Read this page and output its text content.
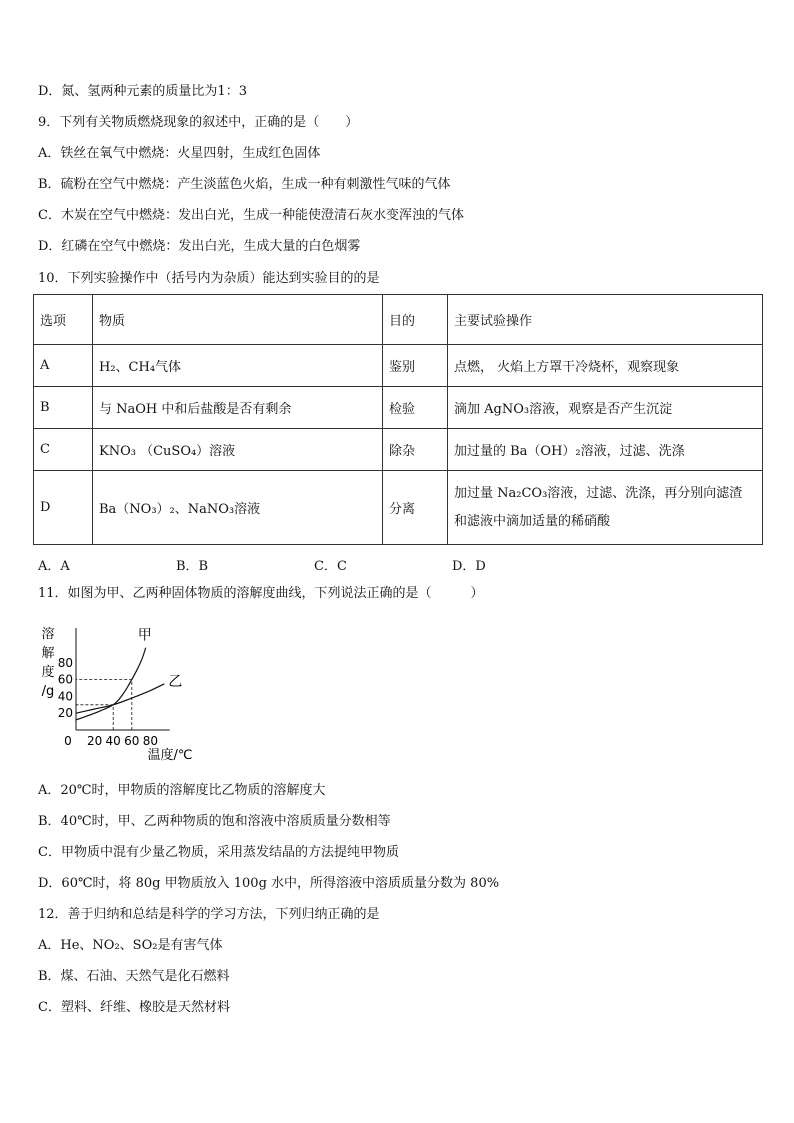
D．氮、氢两种元素的质量比为1：3
9．下列有关物质燃烧现象的叙述中，正确的是（　　）
A．铁丝在氧气中燃烧：火星四射，生成红色固体
B．硫粉在空气中燃烧：产生淡蓝色火焰，生成一种有刺激性气味的气体
C．木炭在空气中燃烧：发出白光，生成一种能使澄清石灰水变浑浊的气体
D．红磷在空气中燃烧：发出白光，生成大量的白色烟雾
10．下列实验操作中（括号内为杂质）能达到实验目的的是
选项	物质	目的	主要试验操作
A	H₂、CH₄气体	鉴别	点燃， 火焰上方罩干冷烧杯，观察现象
B	与 NaOH 中和后盐酸是否有剩余	检验	滴加 AgNO₃溶液，观察是否产生沉淀
C	KNO₃ （CuSO₄）溶液	除杂	加过量的 Ba（OH）₂溶液，过滤、洗涤
D	Ba（NO₃）₂、NaNO₃溶液	分离	加过量 Na₂CO₃溶液，过滤、洗涤，再分别向滤渣
和滤液中滴加适量的稀硝酸
A．A	B．B	C．C	D．D
11．如图为甲、乙两种固体物质的溶解度曲线，下列说法正确的是（　　　）
20
40
60
80
0 20 40 60 80
溶
解
度
/g
温度/℃
甲
乙
A．20℃时，甲物质的溶解度比乙物质的溶解度大
B．40℃时，甲、乙两种物质的饱和溶液中溶质质量分数相等
C．甲物质中混有少量乙物质，采用蒸发结晶的方法提纯甲物质
D．60℃时，将 80g 甲物质放入 100g 水中，所得溶液中溶质质量分数为 80%
12．善于归纳和总结是科学的学习方法，下列归纳正确的是
A．He、NO₂、SO₂是有害气体
B．煤、石油、天然气是化石燃料
C．塑料、纤维、橡胶是天然材料
